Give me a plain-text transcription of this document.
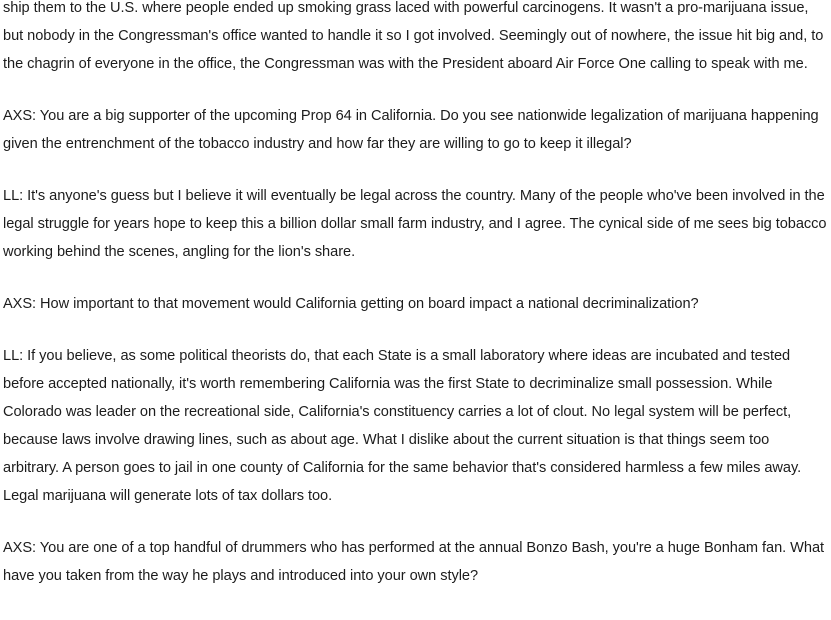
ship them to the U.S. where people ended up smoking grass laced with powerful carcinogens. It wasn't a pro-marijuana issue, but nobody in the Congressman's office wanted to handle it so I got involved. Seemingly out of nowhere, the issue hit big and, to the chagrin of everyone in the office, the Congressman was with the President aboard Air Force One calling to speak with me.

AXS: You are a big supporter of the upcoming Prop 64 in California. Do you see nationwide legalization of marijuana happening given the entrenchment of the tobacco industry and how far they are willing to go to keep it illegal?

LL: It's anyone's guess but I believe it will eventually be legal across the country. Many of the people who've been involved in the legal struggle for years hope to keep this a billion dollar small farm industry, and I agree. The cynical side of me sees big tobacco working behind the scenes, angling for the lion's share.

AXS: How important to that movement would California getting on board impact a national decriminalization?

LL: If you believe, as some political theorists do, that each State is a small laboratory where ideas are incubated and tested before accepted nationally, it's worth remembering California was the first State to decriminalize small possession. While Colorado was leader on the recreational side, California's constituency carries a lot of clout. No legal system will be perfect, because laws involve drawing lines, such as about age. What I dislike about the current situation is that things seem too arbitrary. A person goes to jail in one county of California for the same behavior that's considered harmless a few miles away. Legal marijuana will generate lots of tax dollars too.

AXS: You are one of a top handful of drummers who has performed at the annual Bonzo Bash, you're a huge Bonham fan. What have you taken from the way he plays and introduced into your own style?
